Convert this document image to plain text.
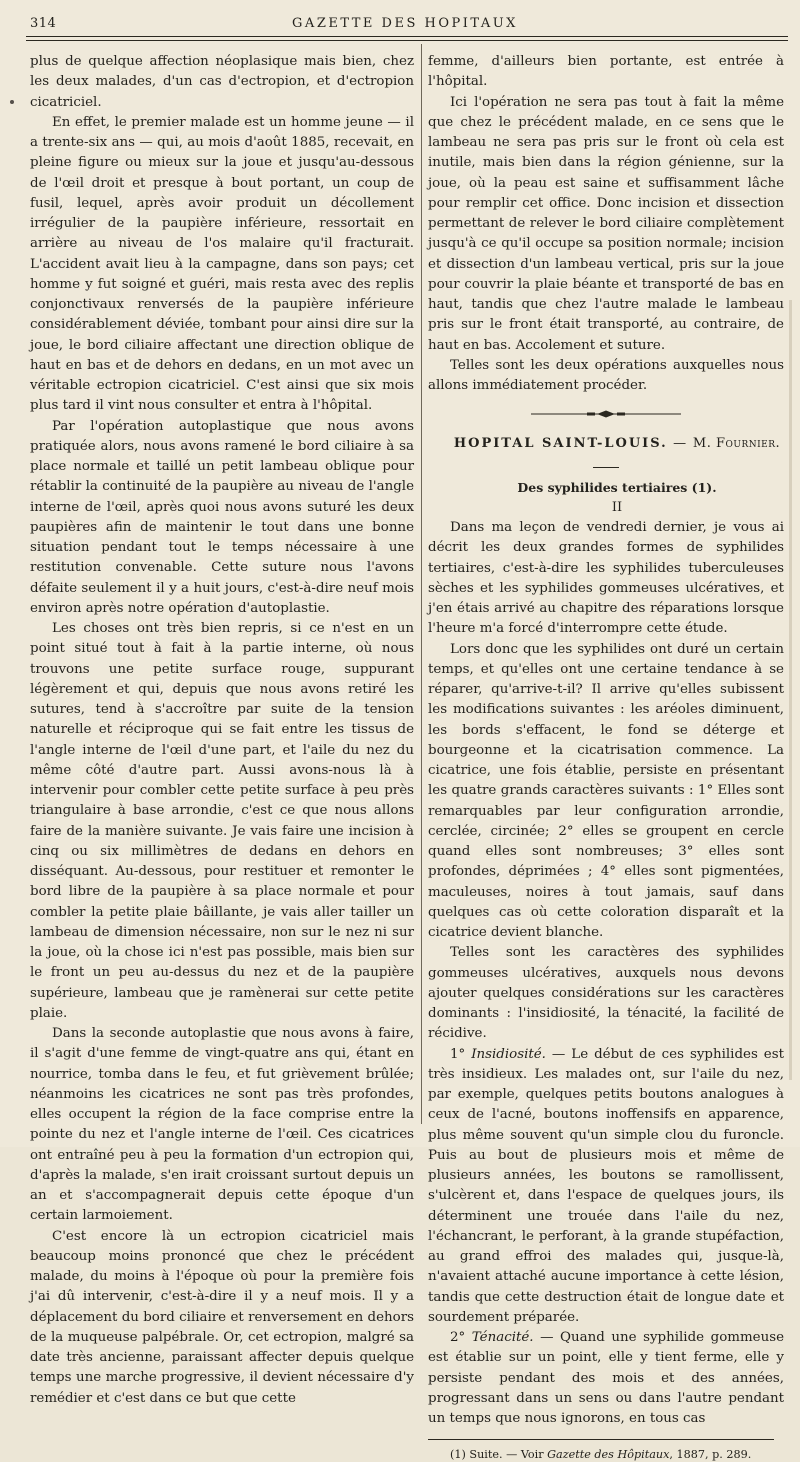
314	GAZETTE DES HOPITAUX

plus de quelque affection néoplasique mais bien, chez les deux malades, d'un cas d'ectropion, et d'ectropion cicatriciel.

En effet, le premier malade est un homme jeune — il a trente-six ans — qui, au mois d'août 1885, recevait, en pleine figure ou mieux sur la joue et jusqu'au-dessous de l'œil droit et presque à bout portant, un coup de fusil, lequel, après avoir produit un décollement irrégulier de la paupière inférieure, ressortait en arrière au niveau de l'os malaire qu'il fracturait. L'accident avait lieu à la campagne, dans son pays; cet homme y fut soigné et guéri, mais resta avec des replis conjonctivaux renversés de la paupière inférieure considérablement déviée, tombant pour ainsi dire sur la joue, le bord ciliaire affectant une direction oblique de haut en bas et de dehors en dedans, en un mot avec un véritable ectropion cicatriciel. C'est ainsi que six mois plus tard il vint nous consulter et entra à l'hôpital.

Par l'opération autoplastique que nous avons pratiquée alors, nous avons ramené le bord ciliaire à sa place normale et taillé un petit lambeau oblique pour rétablir la continuité de la paupière au niveau de l'angle interne de l'œil, après quoi nous avons suturé les deux paupières afin de maintenir le tout dans une bonne situation pendant tout le temps nécessaire à une restitution convenable. Cette suture nous l'avons défaite seulement il y a huit jours, c'est-à-dire neuf mois environ après notre opération d'autoplastie.

Les choses ont très bien repris, si ce n'est en un point situé tout à fait à la partie interne, où nous trouvons une petite surface rouge, suppurant légèrement et qui, depuis que nous avons retiré les sutures, tend à s'accroître par suite de la tension naturelle et réciproque qui se fait entre les tissus de l'angle interne de l'œil d'une part, et l'aile du nez du même côté d'autre part. Aussi avons-nous là à intervenir pour combler cette petite surface à peu près triangulaire à base arrondie, c'est ce que nous allons faire de la manière suivante. Je vais faire une incision à cinq ou six millimètres de dedans en dehors en disséquant. Au-dessous, pour restituer et remonter le bord libre de la paupière à sa place normale et pour combler la petite plaie bâillante, je vais aller tailler un lambeau de dimension nécessaire, non sur le nez ni sur la joue, où la chose ici n'est pas possible, mais bien sur le front un peu au-dessus du nez et de la paupière supérieure, lambeau que je ramènerai sur cette petite plaie.

Dans la seconde autoplastie que nous avons à faire, il s'agit d'une femme de vingt-quatre ans qui, étant en nourrice, tomba dans le feu, et fut grièvement brûlée; néanmoins les cicatrices ne sont pas très profondes, elles occupent la région de la face comprise entre la pointe du nez et l'angle interne de l'œil. Ces cicatrices ont entraîné peu à peu la formation d'un ectropion qui, d'après la malade, s'en irait croissant surtout depuis un an et s'accompagnerait depuis cette époque d'un certain larmoiement.

C'est encore là un ectropion cicatriciel mais beaucoup moins prononcé que chez le précédent malade, du moins à l'époque où pour la première fois j'ai dû intervenir, c'est-à-dire il y a neuf mois. Il y a déplacement du bord ciliaire et renversement en dehors de la muqueuse palpébrale. Or, cet ectropion, malgré sa date très ancienne, paraissant affecter depuis quelque temps une marche progressive, il devient nécessaire d'y remédier et c'est dans ce but que cette

femme, d'ailleurs bien portante, est entrée à l'hôpital.

Ici l'opération ne sera pas tout à fait la même que chez le précédent malade, en ce sens que le lambeau ne sera pas pris sur le front où cela est inutile, mais bien dans la région génienne, sur la joue, où la peau est saine et suffisamment lâche pour remplir cet office. Donc incision et dissection permettant de relever le bord ciliaire complètement jusqu'à ce qu'il occupe sa position normale; incision et dissection d'un lambeau vertical, pris sur la joue pour couvrir la plaie béante et transporté de bas en haut, tandis que chez l'autre malade le lambeau pris sur le front était transporté, au contraire, de haut en bas. Accolement et suture.

Telles sont les deux opérations auxquelles nous allons immédiatement procéder.

HOPITAL SAINT-LOUIS. — M. Fournier.

Des syphilides tertiaires (1).

II

Dans ma leçon de vendredi dernier, je vous ai décrit les deux grandes formes de syphilides tertiaires, c'est-à-dire les syphilides tuberculeuses sèches et les syphilides gommeuses ulcératives, et j'en étais arrivé au chapitre des réparations lorsque l'heure m'a forcé d'interrompre cette étude.

Lors donc que les syphilides ont duré un certain temps, et qu'elles ont une certaine tendance à se réparer, qu'arrive-t-il? Il arrive qu'elles subissent les modifications suivantes : les aréoles diminuent, les bords s'effacent, le fond se déterge et bourgeonne et la cicatrisation commence. La cicatrice, une fois établie, persiste en présentant les quatre grands caractères suivants : 1° Elles sont remarquables par leur configuration arrondie, cerclée, circinée; 2° elles se groupent en cercle quand elles sont nombreuses; 3° elles sont profondes, déprimées ; 4° elles sont pigmentées, maculeuses, noires à tout jamais, sauf dans quelques cas où cette coloration disparaît et la cicatrice devient blanche.

Telles sont les caractères des syphilides gommeuses ulcératives, auxquels nous devons ajouter quelques considérations sur les caractères dominants : l'insidiosité, la ténacité, la facilité de récidive.

1° Insidiosité. — Le début de ces syphilides est très insidieux. Les malades ont, sur l'aile du nez, par exemple, quelques petits boutons analogues à ceux de l'acné, boutons inoffensifs en apparence, plus même souvent qu'un simple clou du furoncle. Puis au bout de plusieurs mois et même de plusieurs années, les boutons se ramollissent, s'ulcèrent et, dans l'espace de quelques jours, ils déterminent une trouée dans l'aile du nez, l'échancrant, le perforant, à la grande stupéfaction, au grand effroi des malades qui, jusque-là, n'avaient attaché aucune importance à cette lésion, tandis que cette destruction était de longue date et sourdement préparée.

2° Ténacité. — Quand une syphilide gommeuse est établie sur un point, elle y tient ferme, elle y persiste pendant des mois et des années, progressant dans un sens ou dans l'autre pendant un temps que nous ignorons, en tous cas

(1) Suite. — Voir Gazette des Hôpitaux, 1887, p. 289.
